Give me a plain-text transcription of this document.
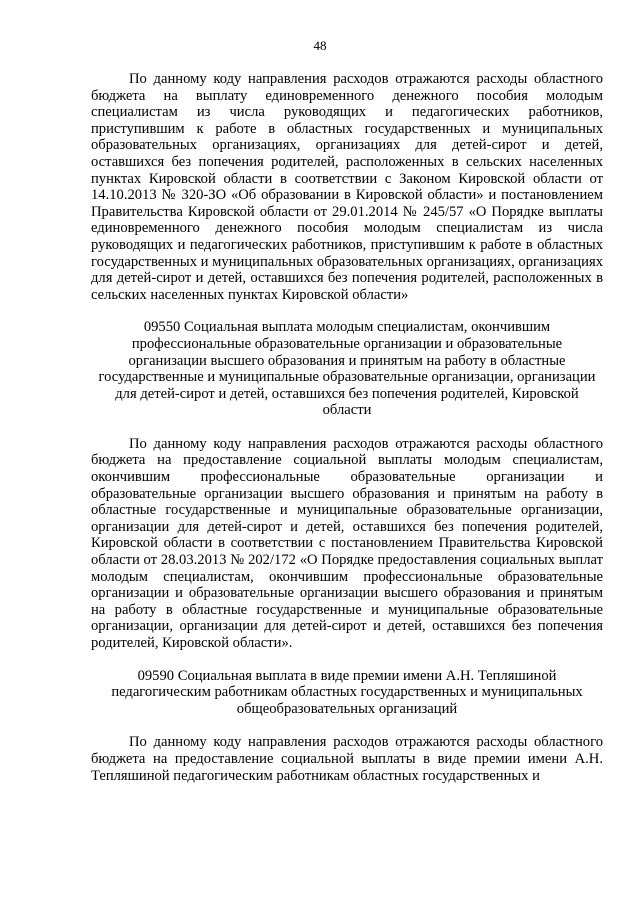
48

По данному коду направления расходов отражаются расходы областного бюджета на выплату единовременного денежного пособия молодым специалистам из числа руководящих и педагогических работников, приступившим к работе в областных государственных и муниципальных образовательных организациях, организациях для детей-сирот и детей, оставшихся без попечения родителей, расположенных в сельских населенных пунктах Кировской области в соответствии с Законом Кировской области от 14.10.2013 № 320-ЗО «Об образовании в Кировской области» и постановлением Правительства Кировской области от 29.01.2014 № 245/57 «О Порядке выплаты единовременного денежного пособия молодым специалистам из числа руководящих и педагогических работников, приступившим к работе в областных государственных и муниципальных образовательных организациях, организациях для детей-сирот и детей, оставшихся без попечения родителей, расположенных в сельских населенных пунктах Кировской области»

09550 Социальная выплата молодым специалистам, окончившим профессиональные образовательные организации и образовательные организации высшего образования и принятым на работу в областные государственные и муниципальные образовательные организации, организации для детей-сирот и детей, оставшихся без попечения родителей, Кировской области

По данному коду направления расходов отражаются расходы областного бюджета на предоставление социальной выплаты молодым специалистам, окончившим профессиональные образовательные организации и образовательные организации высшего образования и принятым на работу в областные государственные и муниципальные образовательные организации, организации для детей-сирот и детей, оставшихся без попечения родителей, Кировской области в соответствии с постановлением Правительства Кировской области от 28.03.2013 № 202/172 «О Порядке предоставления социальных выплат молодым специалистам, окончившим профессиональные образовательные организации и образовательные организации высшего образования и принятым на работу в областные государственные и муниципальные образовательные организации, организации для детей-сирот и детей, оставшихся без попечения родителей, Кировской области».

09590 Социальная выплата в виде премии имени А.Н. Тепляшиной педагогическим работникам областных государственных и муниципальных общеобразовательных организаций

По данному коду направления расходов отражаются расходы областного бюджета на предоставление социальной выплаты в виде премии имени А.Н. Тепляшиной педагогическим работникам областных государственных и
